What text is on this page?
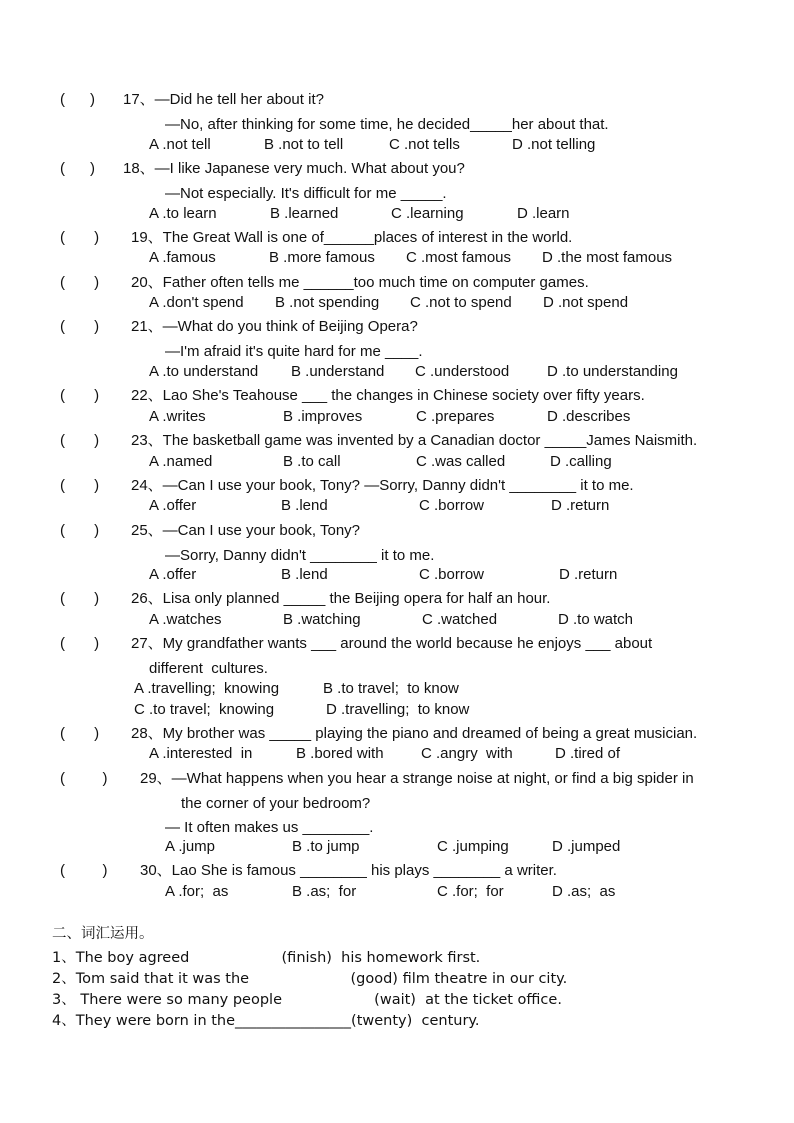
(      ) 17、—Did he tell her about it?
—No, after thinking for some time, he decided_____her about that.
A .not tell	B .not to tell	C .not tells	D .not telling
(      ) 18、—I like Japanese very much. What about you?
—Not especially. It's difficult for me _____.
A .to learn	B .learned	C .learning	D .learn
(       ) 19、The Great Wall is one of______places of interest in the world.
A .famous	B .more famous C .most famous D .the most famous
(       ) 20、Father often tells me ______too much time on computer games.
A .don't spend B .not spending C .not to spend D .not spend
(       ) 21、—What do you think of Beijing Opera?
—I'm afraid it's quite hard for me ____.
A .to understand B .understand C .understood	D .to understanding
(       ) 22、Lao She's Teahouse ___ the changes in Chinese society over fifty years.
A .writes	B .improves	C .prepares	D .describes
(       ) 23、The basketball game was invented by a Canadian doctor _____James Naismith.
A .named	B .to call	C .was called	D .calling
(       ) 24、—Can I use your book, Tony? —Sorry, Danny didn't ________ it to me.
A .offer	B .lend	C .borrow	D .return
(       ) 25、—Can I use your book, Tony?
—Sorry, Danny didn't ________ it to me.
A .offer	B .lend	C .borrow	D .return
(       ) 26、Lisa only planned _____ the Beijing opera for half an hour.
A .watches	B .watching	C .watched	D .to watch
(       ) 27、My grandfather wants ___ around the world because he enjoys ___ about
different  cultures.
A .travelling;  knowing	B .to travel;  to know
C .to travel;  knowing	D .travelling;  to know
(       ) 28、My brother was _____ playing the piano and dreamed of being a great musician.
A .interested  in	B .bored with C .angry  with	D .tired of
(         ) 29、—What happens when you hear a strange noise at night, or find a big spider in
the corner of your bedroom?
— It often makes us ________.
A .jump	B .to jump	C .jumping	D .jumped
(         ) 30、Lao She is famous ________ his plays ________ a writer.
A .for;  as	B .as;  for	C .for;  for	D .as;  as
二、词汇运用。
1、The boy agreed                    (finish)  his homework first.
2、Tom said that it was the                      (good) film theatre in our city.
3、 There were so many people                    (wait)  at the ticket office.
4、They were born in the________________(twenty)  century.
